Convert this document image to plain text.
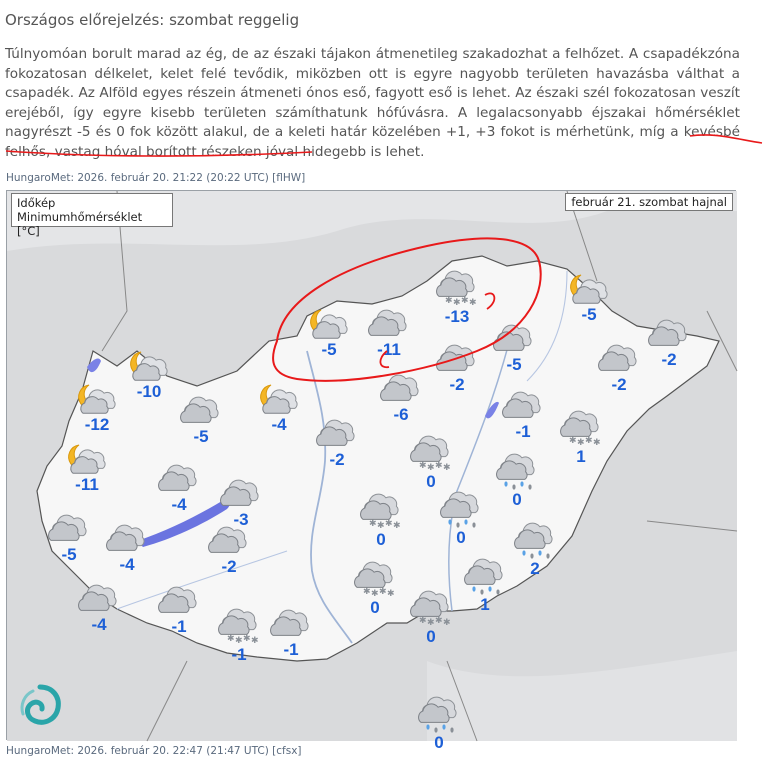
Országos előrejelzés: szombat reggelig
Túlnyomóan borult marad az ég, de az északi tájakon átmenetileg szakadozhat a felhőzet. A csapadékzóna fokozatosan délkelet, kelet felé tevődik, miközben ott is egyre nagyobb területen havazásba válthat a csapadék. Az Alföld egyes részein átmeneti ónos eső, fagyott eső is lehet. Az északi szél fokozatosan veszít erejéből, így egyre kisebb területen számíthatunk hófúvásra. A legalacsonyabb éjszakai hőmérséklet nagyrészt -5 és 0 fok között alakul, de a keleti határ közelében +1, +3 fokot is mérhetünk, míg a kevésbé felhős, vastag hóval borított részeken jóval hidegebb is lehet.
HungaroMet: 2026. február 20. 21:22 (20:22 UTC) [flHW]
Időkép
Minimumhőmérséklet [°C]
február 21. szombat hajnal
-12
-10
-5
-4
-11
-4
-3
-5
-4	-2
-4	-1
✱ ✱ ✱ ✱
-1	-1
-5	-11
-6
-2
✱ ✱ ✱ ✱
-13
-2
-5
-5
-2
-2
-1	✱ ✱ ✱ ✱
1
✱ ✱ ✱ ✱
0
✱ ✱ ✱ ✱
0
✱ ✱ ✱ ✱
0
0
0
✱ ✱ ✱ ✱
0
2
1
0
HungaroMet: 2026. február 20. 22:47 (21:47 UTC) [cfsx]
